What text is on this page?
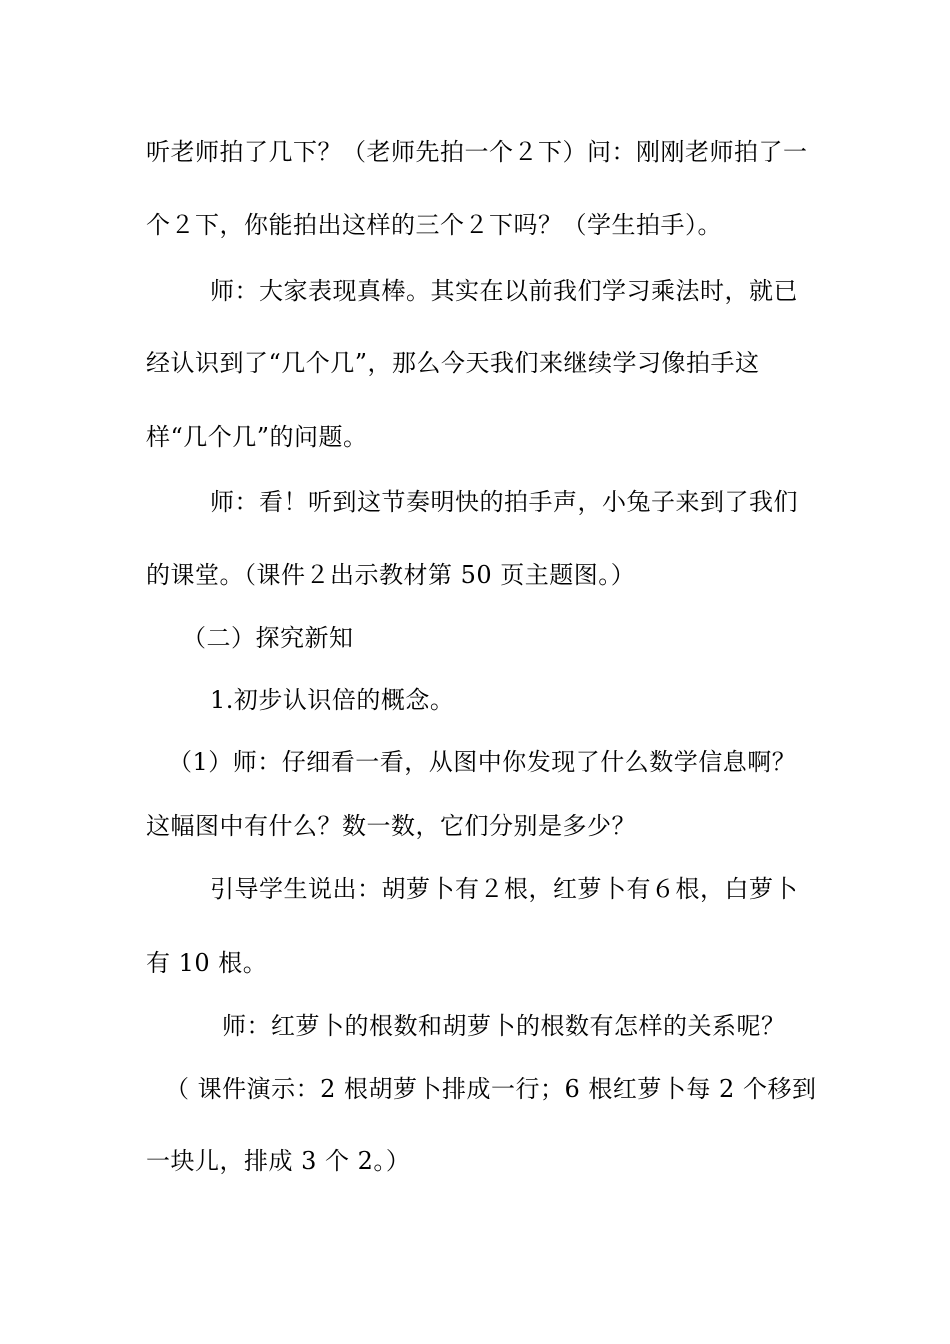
听老师拍了几下？（老师先拍一个２下）问：刚刚老师拍了一
个２下，你能拍出这样的三个２下吗？（学生拍手）。
师：大家表现真棒。其实在以前我们学习乘法时，就已
经认识到了“几个几”，那么今天我们来继续学习像拍手这
样“几个几”的问题。
师：看！听到这节奏明快的拍手声，小兔子来到了我们
的课堂。（课件２出示教材第 50 页主题图。）
（二）探究新知
1.初步认识倍的概念。
（1）师：仔细看一看，从图中你发现了什么数学信息啊？
这幅图中有什么？数一数，它们分别是多少？
引导学生说出：胡萝卜有２根，红萝卜有６根，白萝卜
有 10 根。
师：红萝卜的根数和胡萝卜的根数有怎样的关系呢？
（ 课件演示：2 根胡萝卜排成一行；6 根红萝卜每 2 个移到
一块儿，排成 3 个 2。）
